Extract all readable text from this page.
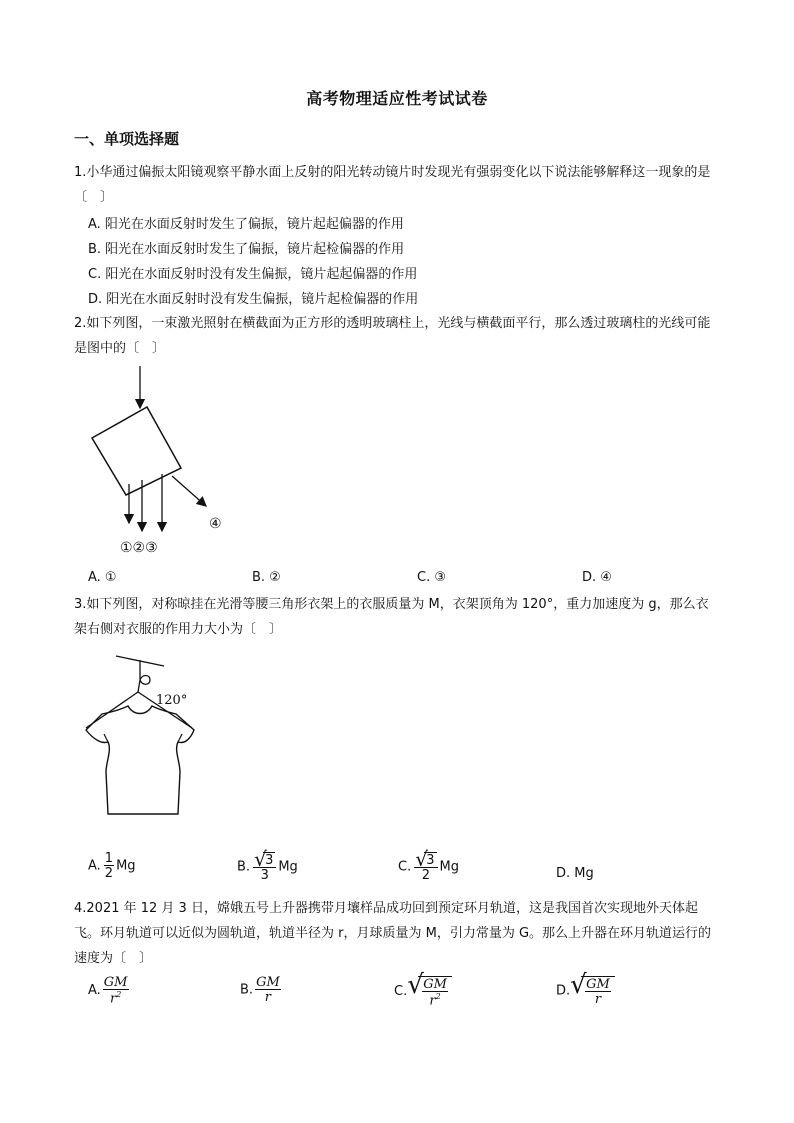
高考物理适应性考试试卷
一、单项选择题
1.小华通过偏振太阳镜观察平静水面上反射的阳光转动镜片时发现光有强弱变化以下说法能够解释这一现象的是〔　〕
A. 阳光在水面反射时发生了偏振，镜片起起偏器的作用
B. 阳光在水面反射时发生了偏振，镜片起检偏器的作用
C. 阳光在水面反射时没有发生偏振，镜片起起偏器的作用
D. 阳光在水面反射时没有发生偏振，镜片起检偏器的作用
2.如下列图，一束激光照射在横截面为正方形的透明玻璃柱上，光线与横截面平行，那么透过玻璃柱的光线可能是图中的〔　〕
①②③
④
A. ①	B. ②	C. ③	D. ④
3.如下列图，对称晾挂在光滑等腰三角形衣架上的衣服质量为 M，衣架顶角为 120°，重力加速度为 g，那么衣架右侧对衣服的作用力大小为〔　〕
120°
A. $\frac{1}{2}$ Mg	B. √
3
3 Mg	C. √
3
2 Mg	D. Mg
4.2021 年 12 月 3 日，嫦娥五号上升器携带月壤样品成功回到预定环月轨道，这是我国首次实现地外天体起飞。环月轨道可以近似为圆轨道，轨道半径为 r，月球质量为 M，引力常量为 G。那么上升器在环月轨道运行的速度为〔　〕
A. $\frac{GM}{r^2}$	B. $\frac{GM}{r}$	C. √
$\frac{GM}{r^2}$	D. √
$\frac{GM}{r}$
